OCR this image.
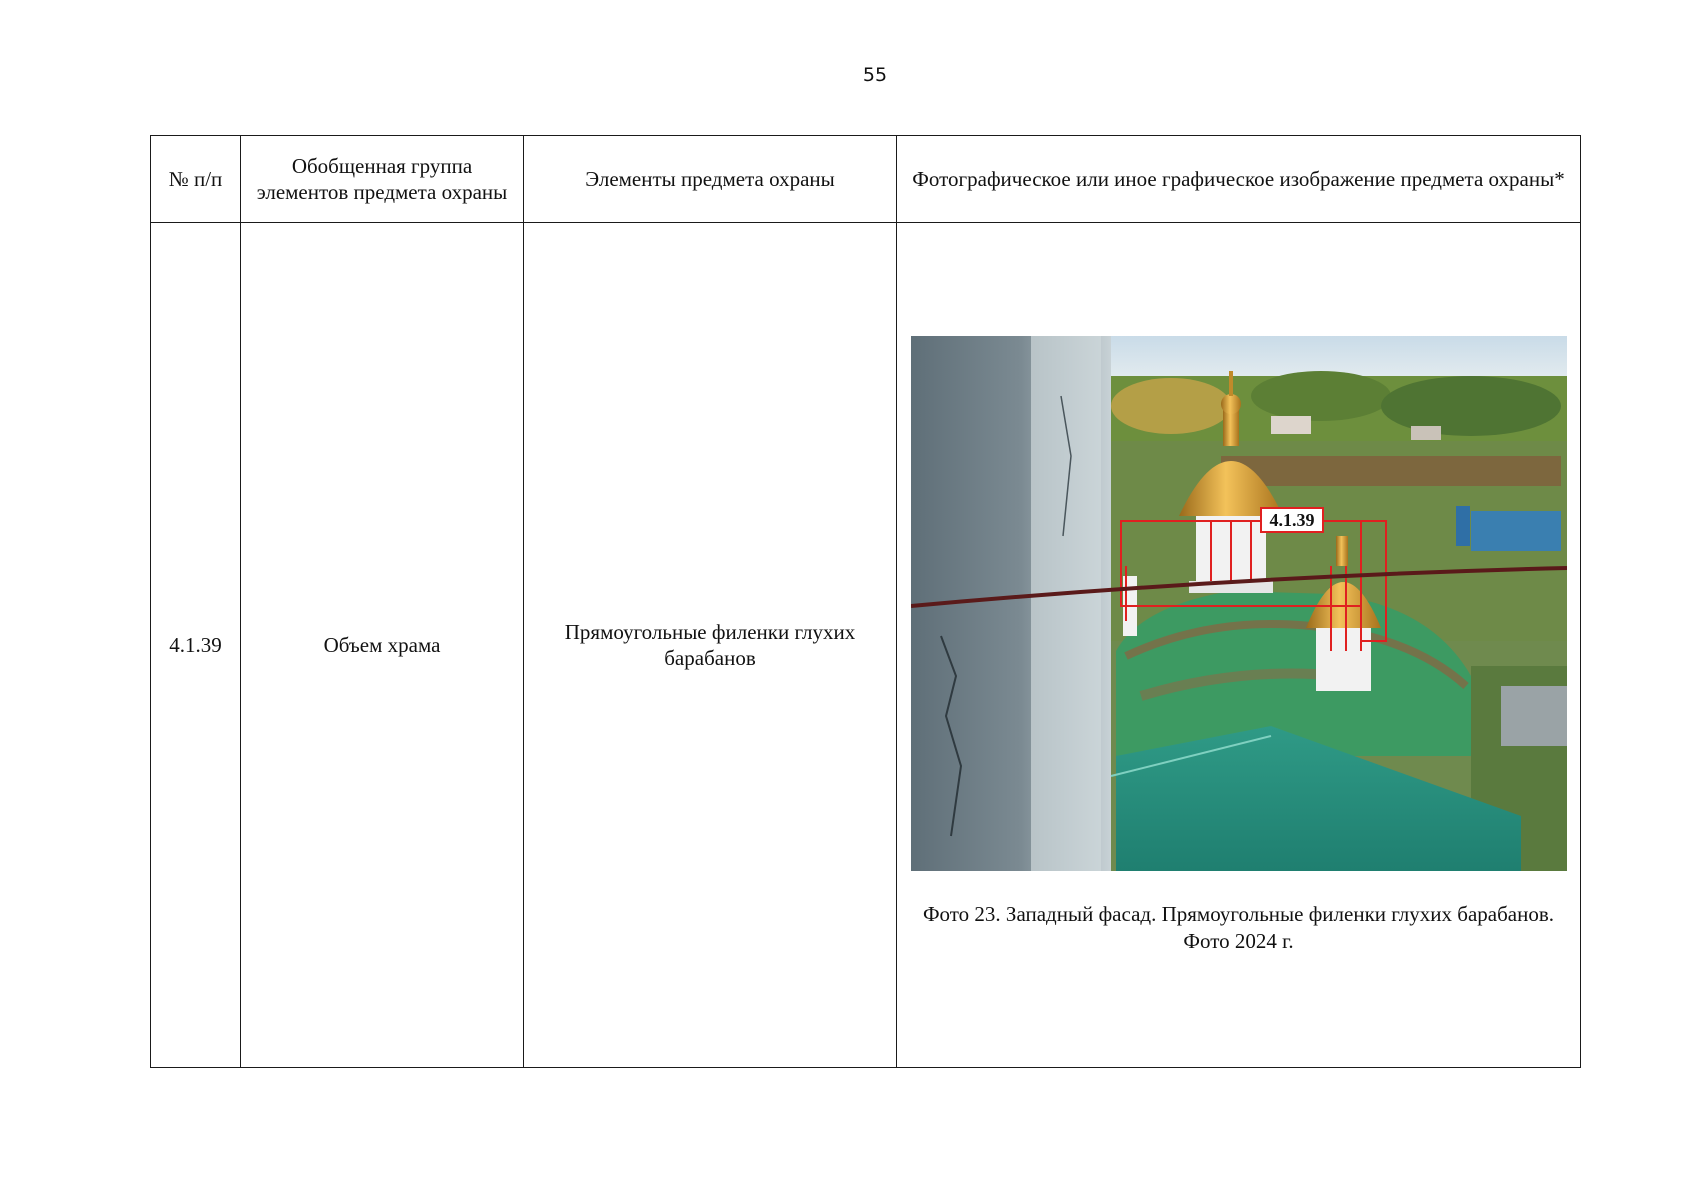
55
№ п/п	Обобщенная группа элементов предмета охраны	Элементы предмета охраны	Фотографическое или иное графическое изображение предмета охраны*
4.1.39	Объем храма	Прямоугольные филенки глухих барабанов	4.1.39
Фото 23. Западный фасад. Прямоугольные филенки глухих барабанов.
Фото 2024 г.
